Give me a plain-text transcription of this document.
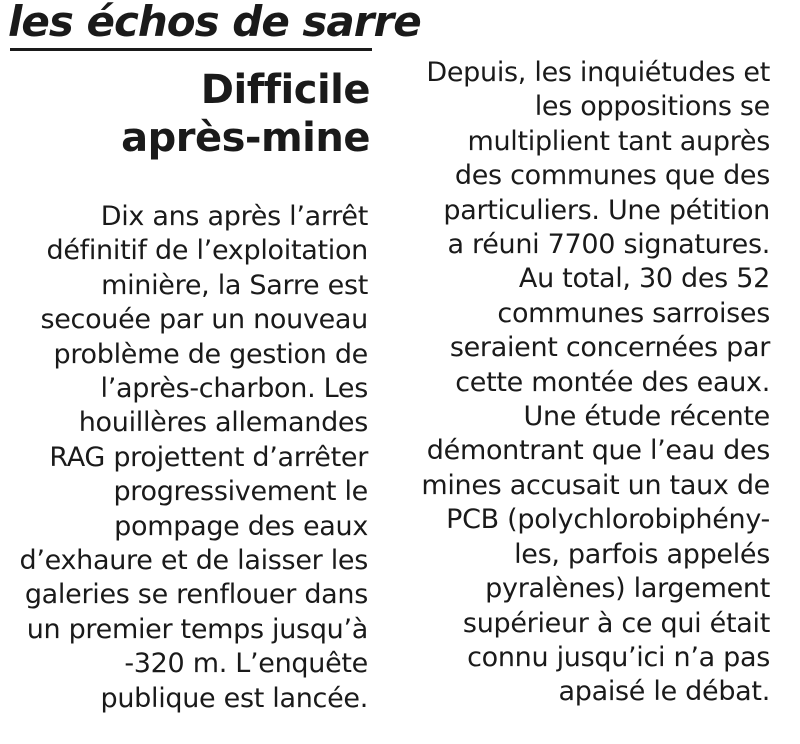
les échos de sarre
Difficile
après-mine
Dix ans après l’arrêt
définitif de l’exploitation
minière, la Sarre est
secouée par un nouveau
problème de gestion de
l’après-charbon. Les
houillères allemandes
RAG projettent d’arrêter
progressivement le
pompage des eaux
d’exhaure et de laisser les
galeries se renflouer dans
un premier temps jusqu’à
-320 m. L’enquête
publique est lancée.
Depuis, les inquiétudes et
les oppositions se
multiplient tant auprès
des communes que des
particuliers. Une pétition
a réuni 7700 signatures.
Au total, 30 des 52
communes sarroises
seraient concernées par
cette montée des eaux.
Une étude récente
démontrant que l’eau des
mines accusait un taux de
PCB (polychlorobiphény-
les, parfois appelés
pyralènes) largement
supérieur à ce qui était
connu jusqu’ici n’a pas
apaisé le débat.
